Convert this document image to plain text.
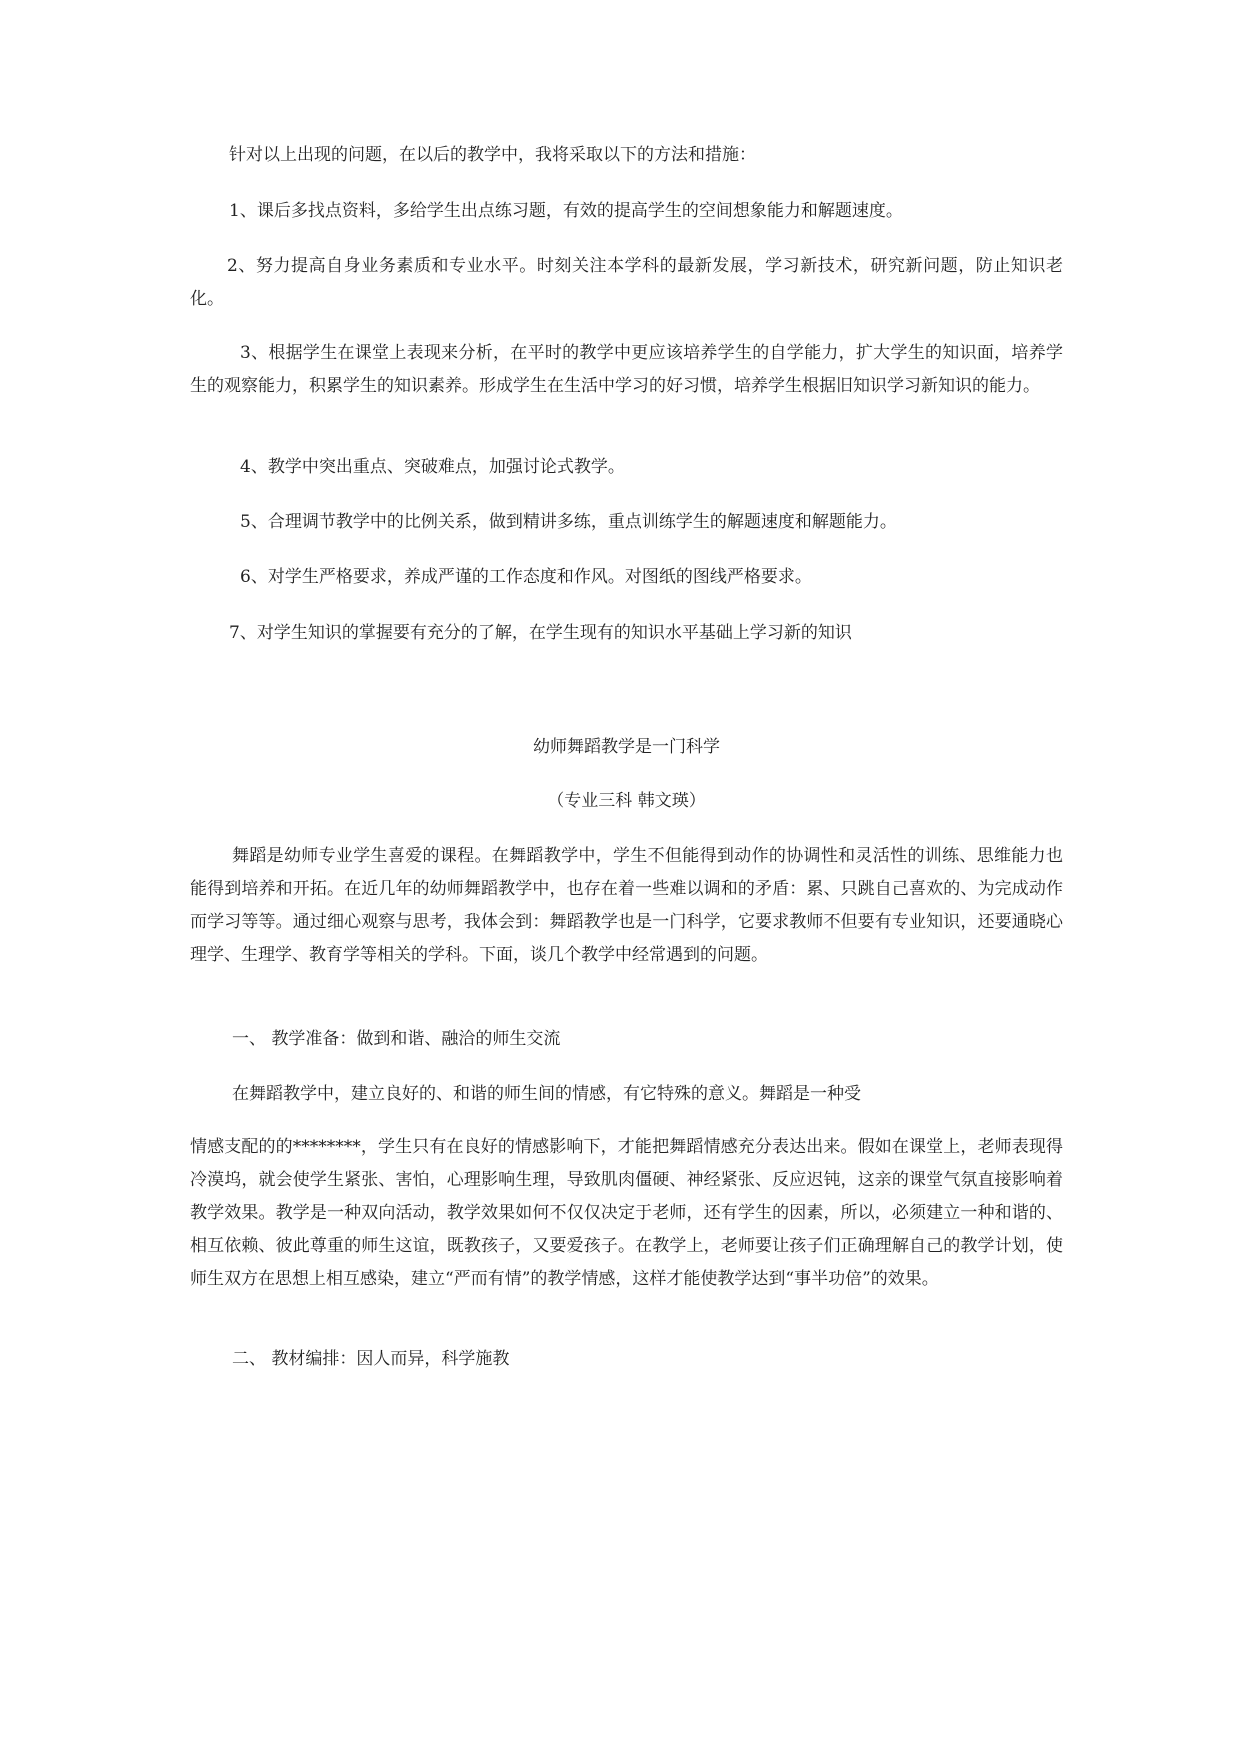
针对以上出现的问题，在以后的教学中，我将采取以下的方法和措施：

1、课后多找点资料，多给学生出点练习题，有效的提高学生的空间想象能力和解题速度。

2、努力提高自身业务素质和专业水平。时刻关注本学科的最新发展，学习新技术，研究新问题，防止知识老化。

3、根据学生在课堂上表现来分析，在平时的教学中更应该培养学生的自学能力，扩大学生的知识面，培养学生的观察能力，积累学生的知识素养。形成学生在生活中学习的好习惯，培养学生根据旧知识学习新知识的能力。

4、教学中突出重点、突破难点，加强讨论式教学。

5、合理调节教学中的比例关系，做到精讲多练，重点训练学生的解题速度和解题能力。

6、对学生严格要求，养成严谨的工作态度和作风。对图纸的图线严格要求。

7、对学生知识的掌握要有充分的了解，在学生现有的知识水平基础上学习新的知识

幼师舞蹈教学是一门科学

（专业三科 韩文瑛）

舞蹈是幼师专业学生喜爱的课程。在舞蹈教学中，学生不但能得到动作的协调性和灵活性的训练、思维能力也能得到培养和开拓。在近几年的幼师舞蹈教学中，也存在着一些难以调和的矛盾：累、只跳自己喜欢的、为完成动作而学习等等。通过细心观察与思考，我体会到：舞蹈教学也是一门科学，它要求教师不但要有专业知识，还要通晓心理学、生理学、教育学等相关的学科。下面，谈几个教学中经常遇到的问题。

一、 教学准备：做到和谐、融洽的师生交流

在舞蹈教学中，建立良好的、和谐的师生间的情感，有它特殊的意义。舞蹈是一种受

情感支配的的********，学生只有在良好的情感影响下，才能把舞蹈情感充分表达出来。假如在课堂上，老师表现得冷漠坞，就会使学生紧张、害怕，心理影响生理，导致肌肉僵硬、神经紧张、反应迟钝，这亲的课堂气氛直接影响着教学效果。教学是一种双向活动，教学效果如何不仅仅决定于老师，还有学生的因素，所以，必须建立一种和谐的、相互依赖、彼此尊重的师生这谊，既教孩子，又要爱孩子。在教学上，老师要让孩子们正确理解自己的教学计划，使师生双方在思想上相互感染，建立“严而有情”的教学情感，这样才能使教学达到“事半功倍”的效果。

二、 教材编排：因人而异，科学施教
